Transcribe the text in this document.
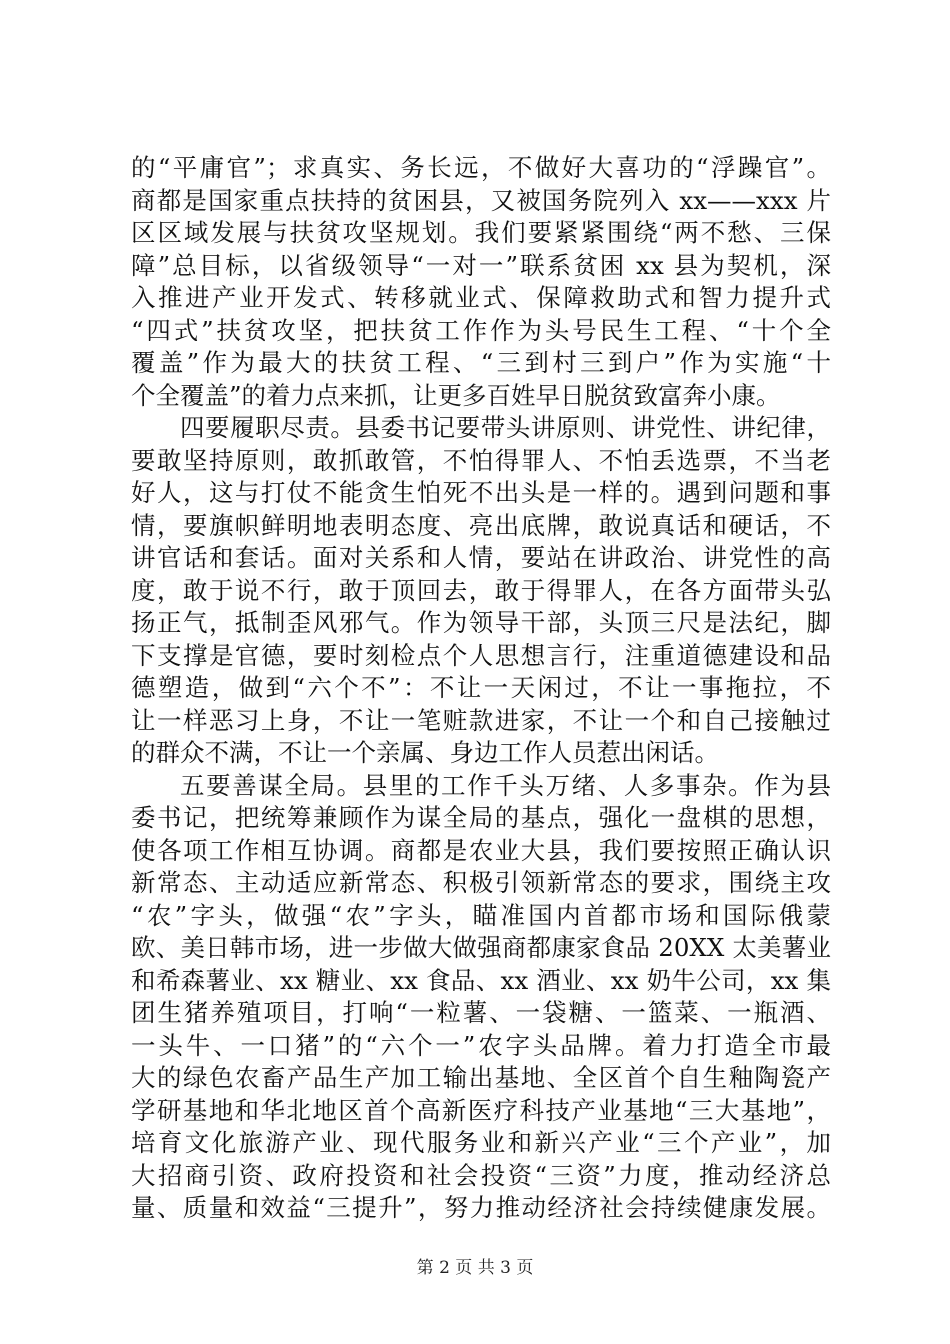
的“平庸官”；求真实、务长远，不做好大喜功的“浮躁官”。
商都是国家重点扶持的贫困县，又被国务院列入 xx——xxx 片
区区域发展与扶贫攻坚规划。我们要紧紧围绕“两不愁、三保
障”总目标，以省级领导“一对一”联系贫困 xx 县为契机，深
入推进产业开发式、转移就业式、保障救助式和智力提升式
“四式”扶贫攻坚，把扶贫工作作为头号民生工程、“十个全
覆盖”作为最大的扶贫工程、“三到村三到户”作为实施“十
个全覆盖”的着力点来抓，让更多百姓早日脱贫致富奔小康。
四要履职尽责。县委书记要带头讲原则、讲党性、讲纪律，
要敢坚持原则，敢抓敢管，不怕得罪人、不怕丢选票，不当老
好人，这与打仗不能贪生怕死不出头是一样的。遇到问题和事
情，要旗帜鲜明地表明态度、亮出底牌，敢说真话和硬话，不
讲官话和套话。面对关系和人情，要站在讲政治、讲党性的高
度，敢于说不行，敢于顶回去，敢于得罪人，在各方面带头弘
扬正气，抵制歪风邪气。作为领导干部，头顶三尺是法纪，脚
下支撑是官德，要时刻检点个人思想言行，注重道德建设和品
德塑造，做到“六个不”：不让一天闲过，不让一事拖拉，不
让一样恶习上身，不让一笔赃款进家，不让一个和自己接触过
的群众不满，不让一个亲属、身边工作人员惹出闲话。
五要善谋全局。县里的工作千头万绪、人多事杂。作为县
委书记，把统筹兼顾作为谋全局的基点，强化一盘棋的思想，
使各项工作相互协调。商都是农业大县，我们要按照正确认识
新常态、主动适应新常态、积极引领新常态的要求，围绕主攻
“农”字头，做强“农”字头，瞄准国内首都市场和国际俄蒙
欧、美日韩市场，进一步做大做强商都康家食品 20XX 太美薯业
和希森薯业、xx 糖业、xx 食品、xx 酒业、xx 奶牛公司，xx 集
团生猪养殖项目，打响“一粒薯、一袋糖、一篮菜、一瓶酒、
一头牛、一口猪”的“六个一”农字头品牌。着力打造全市最
大的绿色农畜产品生产加工输出基地、全区首个自生釉陶瓷产
学研基地和华北地区首个高新医疗科技产业基地“三大基地”，
培育文化旅游产业、现代服务业和新兴产业“三个产业”，加
大招商引资、政府投资和社会投资“三资”力度，推动经济总
量、质量和效益“三提升”，努力推动经济社会持续健康发展。
第 2 页 共 3 页
